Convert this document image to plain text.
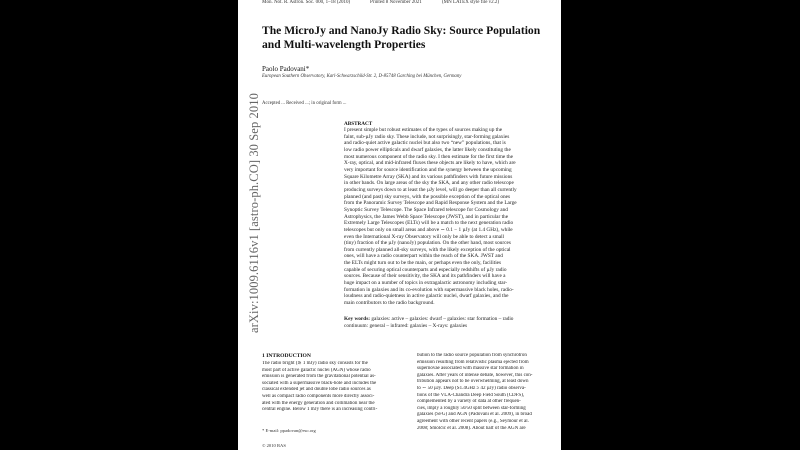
Mon. Not. R. Astron. Soc. 000, 1–18 (2010)	Printed 8 November 2021	(MN LATEX style file v2.2)
arXiv:1009.6116v1 [astro-ph.CO] 30 Sep 2010
The MicroJy and NanoJy Radio Sky: Source Population
and Multi-wavelength Properties
Paolo Padovani*
European Southern Observatory, Karl-Schwarzschild-Str. 2, D-85748 Garching bei München, Germany
Accepted ... Received ...; in original form ...
ABSTRACT
I present simple but robust estimates of the types of sources making up the
faint, sub-µJy radio sky. These include, not surprisingly, star-forming galaxies
and radio-quiet active galactic nuclei but also two “new” populations, that is
low radio power ellipticals and dwarf galaxies, the latter likely constituting the
most numerous component of the radio sky. I then estimate for the first time the
X-ray, optical, and mid-infrared fluxes these objects are likely to have, which are
very important for source identification and the synergy between the upcoming
Square Kilometre Array (SKA) and its various pathfinders with future missions
in other bands. On large areas of the sky the SKA, and any other radio telescope
producing surveys down to at least the µJy level, will go deeper than all currently
planned (and past) sky surveys, with the possible exception of the optical ones
from the Panoramic Survey Telescope and Rapid Response System and the Large
Synoptic Survey Telescope. The Space Infrared telescope for Cosmology and
Astrophysics, the James Webb Space Telescope (JWST), and in particular the
Extremely Large Telescopes (ELTs) will be a match to the next generation radio
telescopes but only on small areas and above ∼ 0.1 − 1 µJy (at 1.4 GHz), while
even the International X-ray Observatory will only be able to detect a small
(tiny) fraction of the µJy (nanoJy) population. On the other hand, most sources
from currently planned all-sky surveys, with the likely exception of the optical
ones, will have a radio counterpart within the reach of the SKA. JWST and
the ELTs might turn out to be the main, or perhaps even the only, facilities
capable of securing optical counterparts and especially redshifts of µJy radio
sources. Because of their sensitivity, the SKA and its pathfinders will have a
huge impact on a number of topics in extragalactic astronomy including star-
formation in galaxies and its co-evolution with supermassive black holes, radio-
loudness and radio-quietness in active galactic nuclei, dwarf galaxies, and the
main contributors to the radio background.
Key words: galaxies: active – galaxies: dwarf – galaxies: star formation – radio
continuum: general – infrared: galaxies – X-rays: galaxies
1 INTRODUCTION
The radio bright (≳ 1 mJy) radio sky consists for the
most part of active galactic nuclei (AGN) whose radio
emission is generated from the gravitational potential as-
sociated with a supermassive black-hole and includes the
classical extended jet and double lobe radio sources as
well as compact radio components more directly associ-
ated with the energy generation and collimation near the
central engine. Below 1 mJy there is an increasing contri-
bution to the radio source population from synchrotron
emission resulting from relativistic plasma ejected from
supernovae associated with massive star formation in
galaxies. After years of intense debate, however, this con-
tribution appears not to be overwhelming, at least down
to ∼ 50 µJy. Deep (S1.4GHz ≥ 42 µJy) radio observa-
tions of the VLA-Chandra Deep Field South (CDFS),
complemented by a variety of data at other frequen-
cies, imply a roughly 50/50 split between star-forming
galaxies (SFG) and AGN (Padovani et al. 2009), in broad
agreement with other recent papers (e.g., Seymour et al.
2008; Smolčić et al. 2008). About half of the AGN are
* E-mail: ppadovan@eso.org
© 2010 RAS
